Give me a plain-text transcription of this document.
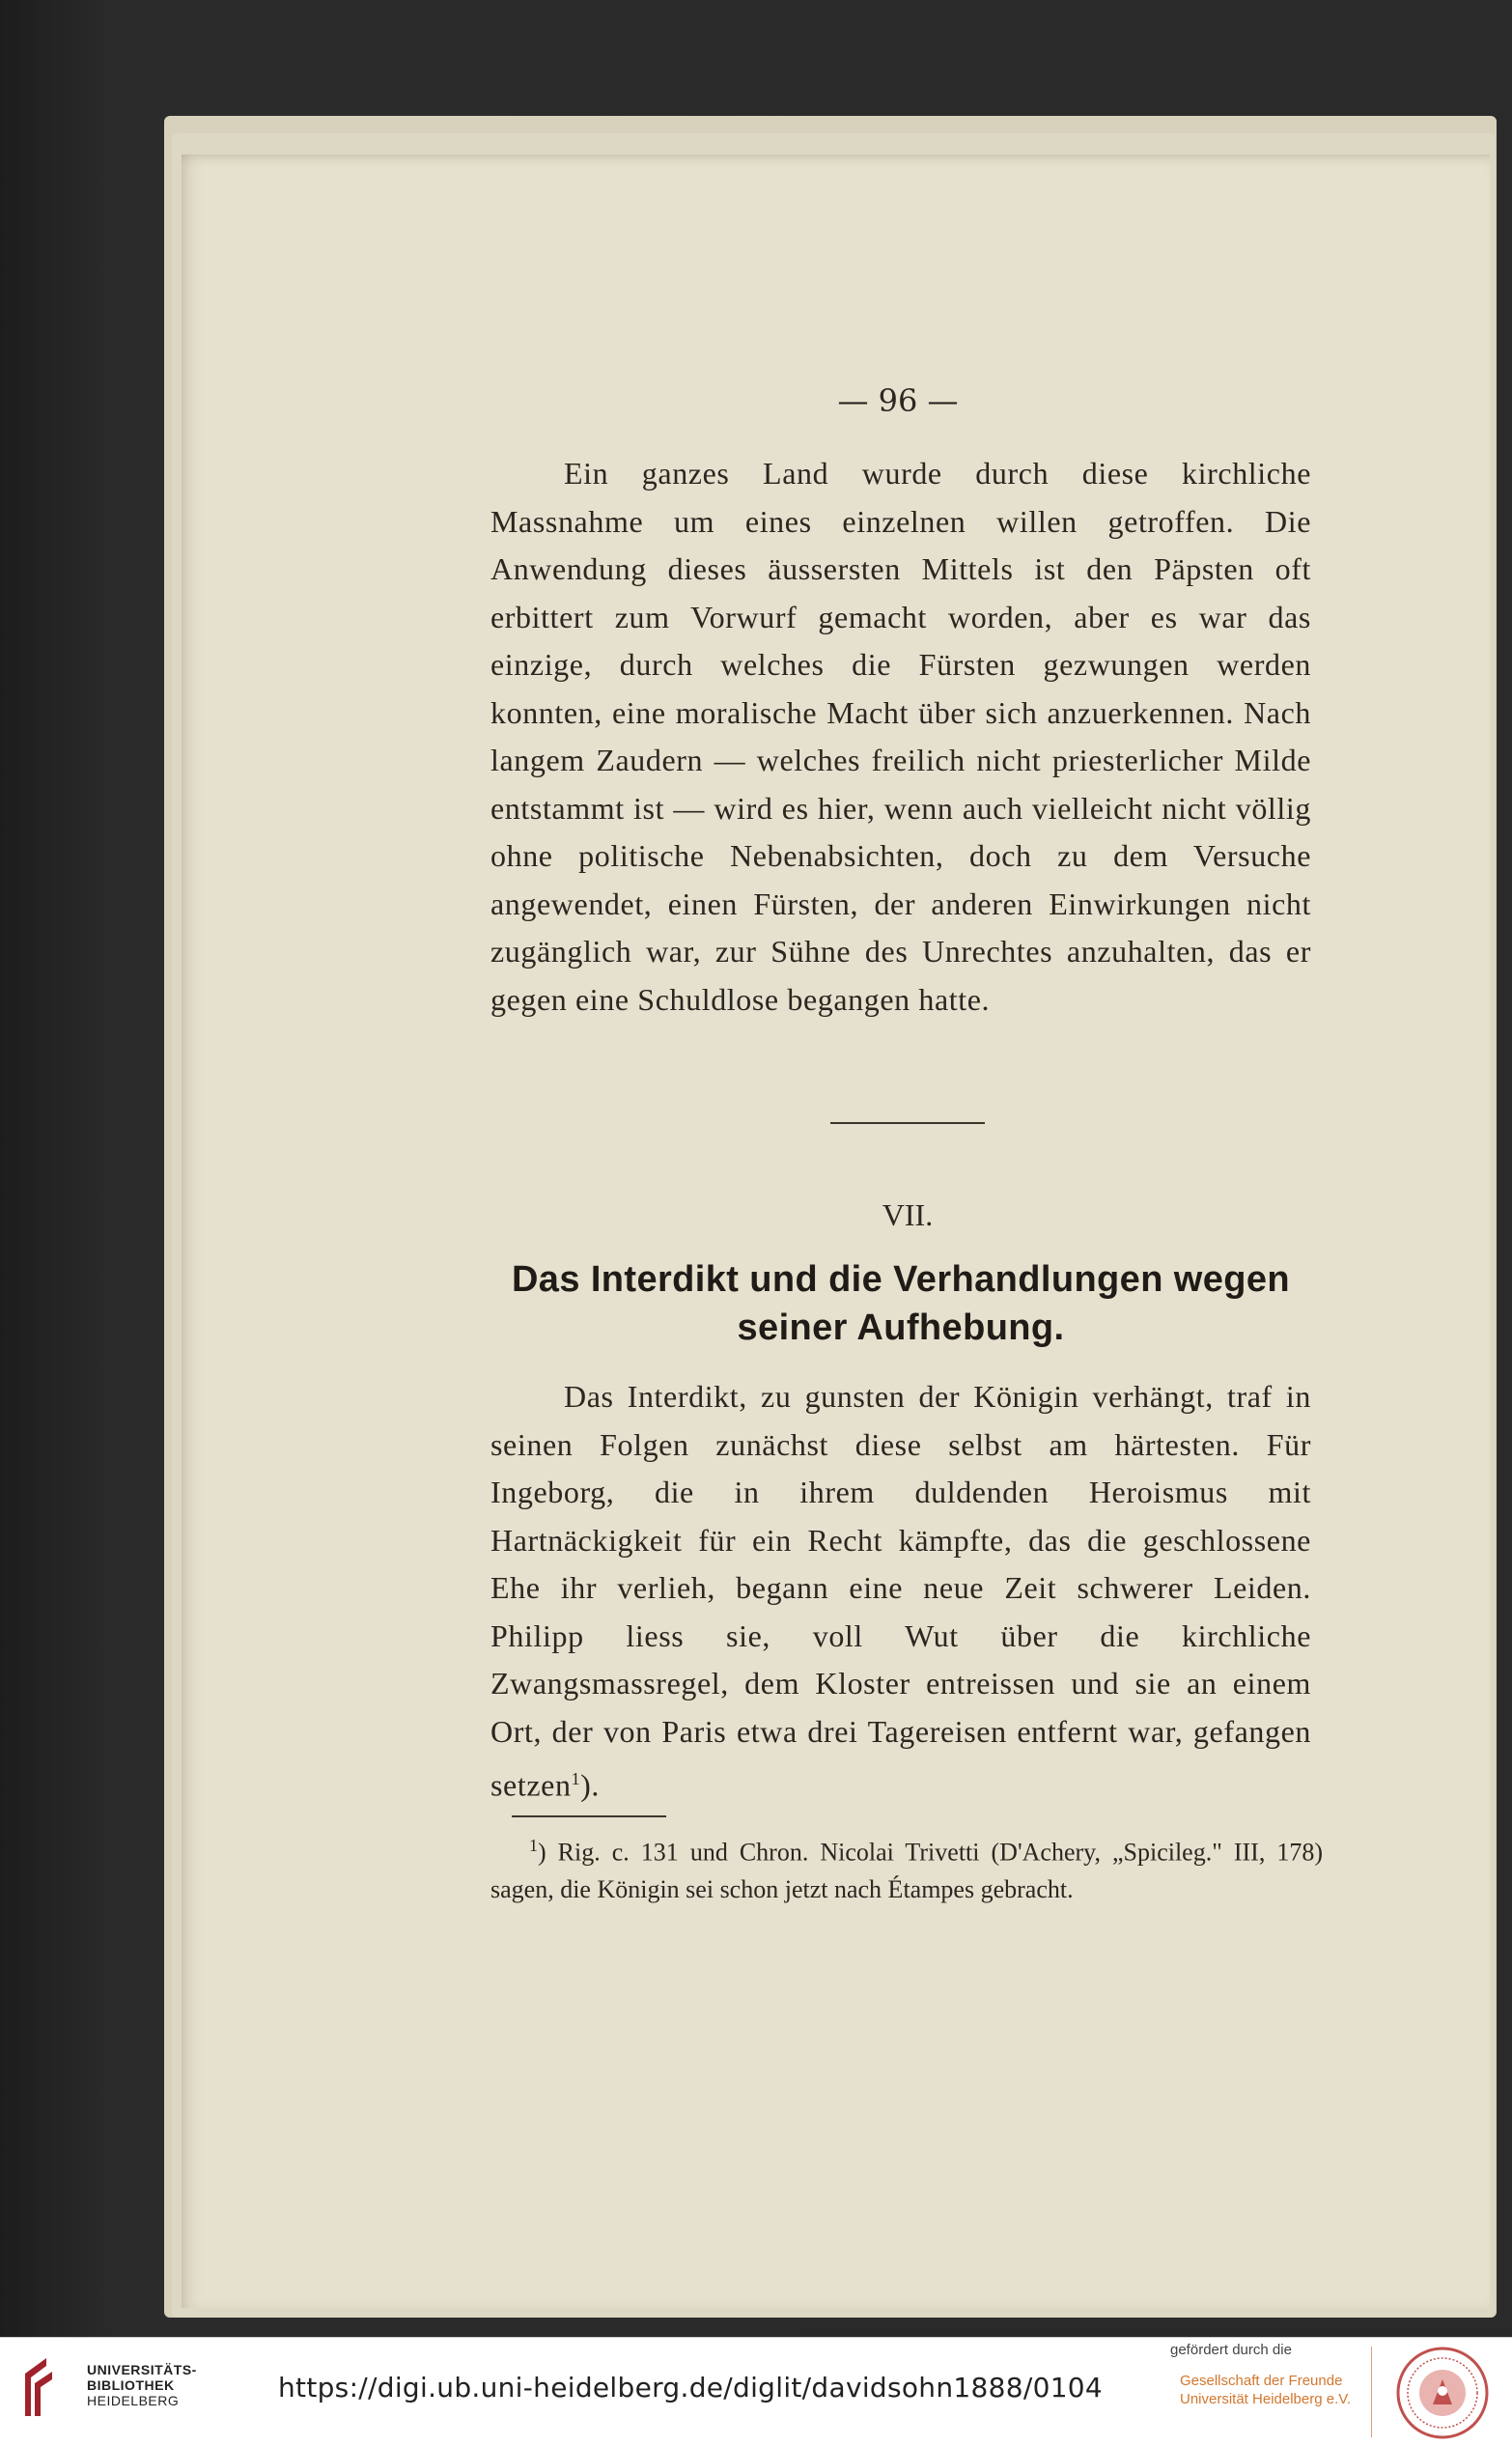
— 96 —

Ein ganzes Land wurde durch diese kirchliche Massnahme um eines einzelnen willen getroffen. Die Anwendung dieses äussersten Mittels ist den Päpsten oft erbittert zum Vorwurf gemacht worden, aber es war das einzige, durch welches die Fürsten gezwungen werden konnten, eine moralische Macht über sich anzuerkennen. Nach langem Zaudern — welches freilich nicht priesterlicher Milde entstammt ist — wird es hier, wenn auch vielleicht nicht völlig ohne politische Nebenabsichten, doch zu dem Versuche angewendet, einen Fürsten, der anderen Einwirkungen nicht zugänglich war, zur Sühne des Unrechtes anzuhalten, das er gegen eine Schuldlose begangen hatte.

VII.
Das Interdikt und die Verhandlungen wegen
seiner Aufhebung.

Das Interdikt, zu gunsten der Königin verhängt, traf in seinen Folgen zunächst diese selbst am härtesten. Für Ingeborg, die in ihrem duldenden Heroismus mit Hartnäckigkeit für ein Recht kämpfte, das die geschlossene Ehe ihr verlieh, begann eine neue Zeit schwerer Leiden. Philipp liess sie, voll Wut über die kirchliche Zwangsmassregel, dem Kloster entreissen und sie an einem Ort, der von Paris etwa drei Tagereisen entfernt war, gefangen setzen$^1$).

$^1$) Rig. c. 131 und Chron. Nicolai Trivetti (D'Achery, „Spicileg." III, 178) sagen, die Königin sei schon jetzt nach Étampes gebracht.

UNIVERSITÄTS-
BIBLIOTHEK
HEIDELBERG	https://digi.ub.uni-heidelberg.de/diglit/davidsohn1888/0104
gefördert durch die
Gesellschaft der Freunde
Universität Heidelberg e.V.
